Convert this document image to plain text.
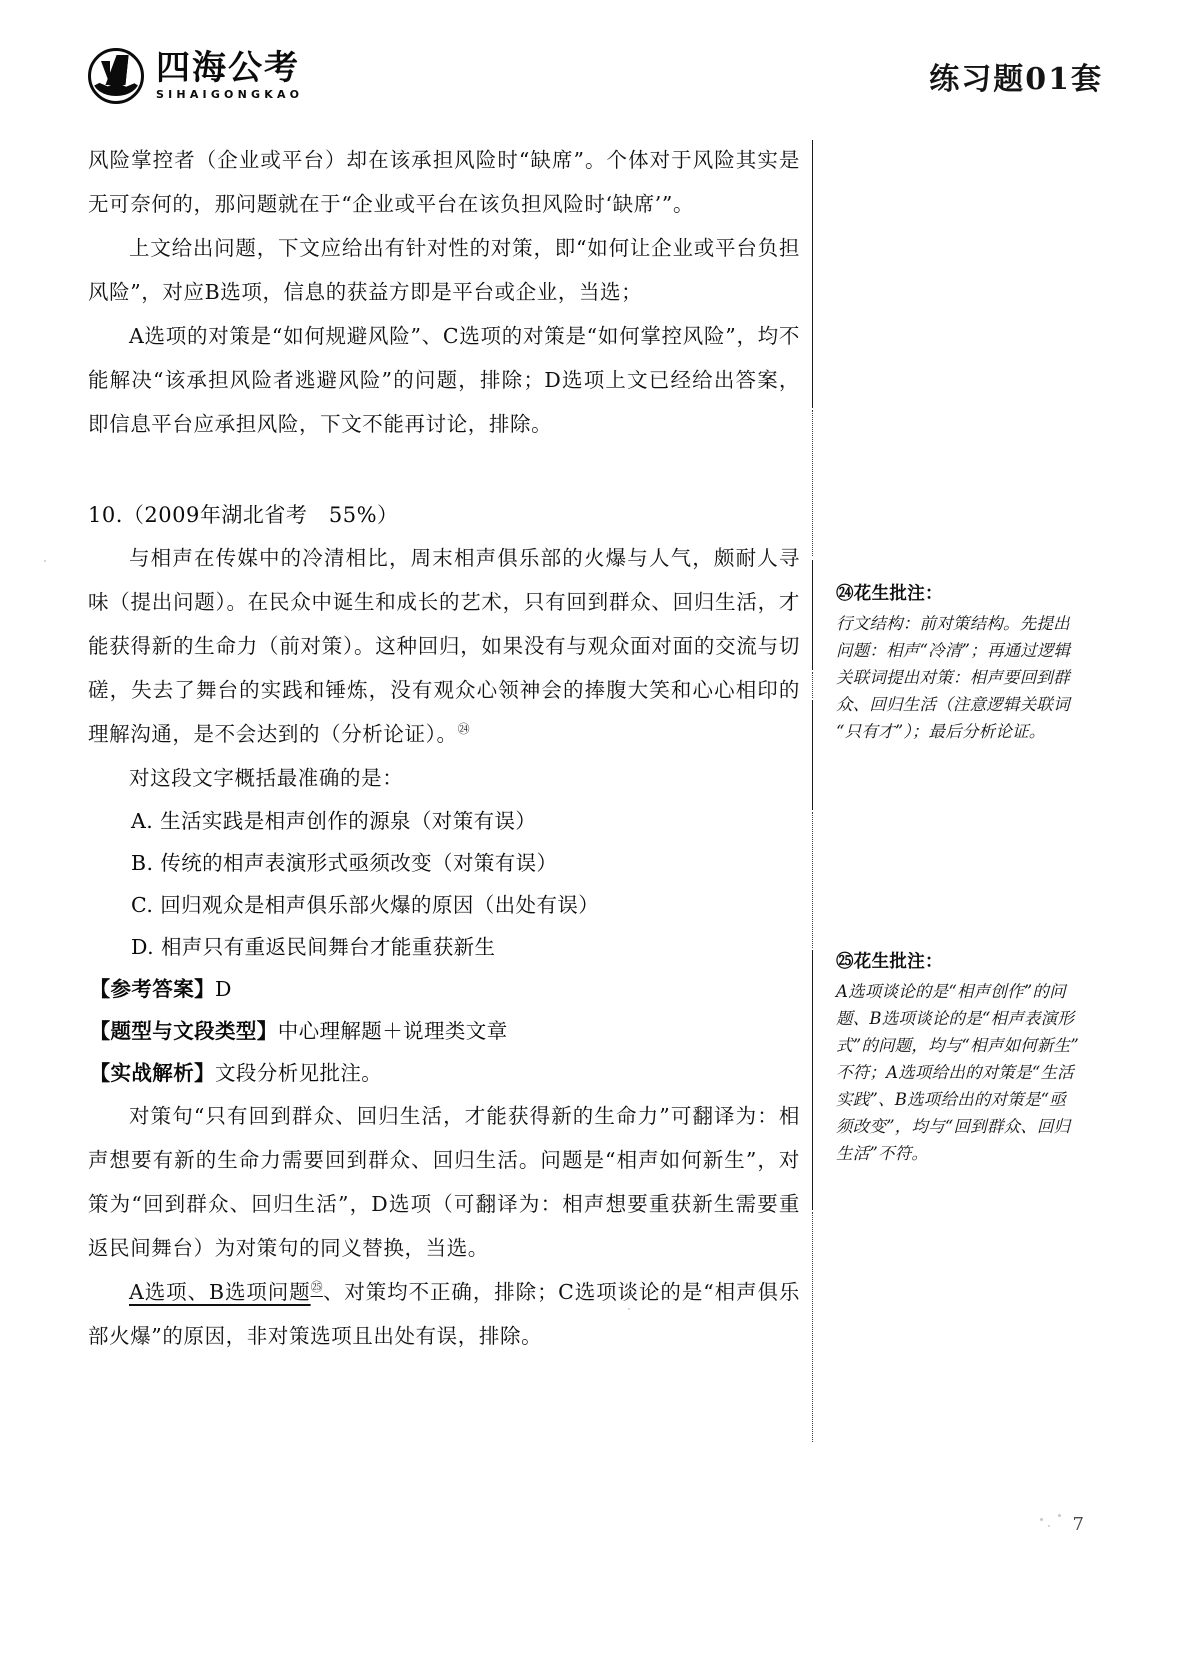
四海公考
SIHAIGONGKAO	练习题01套

风险掌控者（企业或平台）却在该承担风险时“缺席”。个体对于风险其实是无可奈何的，那问题就在于“企业或平台在该负担风险时‘缺席’”。

上文给出问题，下文应给出有针对性的对策，即“如何让企业或平台负担风险”，对应B选项，信息的获益方即是平台或企业，当选；

A选项的对策是“如何规避风险”、C选项的对策是“如何掌控风险”，均不能解决“该承担风险者逃避风险”的问题，排除；D选项上文已经给出答案，即信息平台应承担风险，下文不能再讨论，排除。

10.（2009年湖北省考　55%）

与相声在传媒中的冷清相比，周末相声俱乐部的火爆与人气，颇耐人寻味（提出问题）。在民众中诞生和成长的艺术，只有回到群众、回归生活，才能获得新的生命力（前对策）。这种回归，如果没有与观众面对面的交流与切磋，失去了舞台的实践和锤炼，没有观众心领神会的捧腹大笑和心心相印的理解沟通，是不会达到的（分析论证）。$^㉔$

对这段文字概括最准确的是：

A. 生活实践是相声创作的源泉（对策有误）

B. 传统的相声表演形式亟须改变（对策有误）

C. 回归观众是相声俱乐部火爆的原因（出处有误）

D. 相声只有重返民间舞台才能重获新生

【参考答案】D

【题型与文段类型】中心理解题＋说理类文章

【实战解析】文段分析见批注。

对策句“只有回到群众、回归生活，才能获得新的生命力”可翻译为：相声想要有新的生命力需要回到群众、回归生活。问题是“相声如何新生”，对策为“回到群众、回归生活”，D选项（可翻译为：相声想要重获新生需要重返民间舞台）为对策句的同义替换，当选。

A选项、B选项问题$^㉕$、对策均不正确，排除；C选项谈论的是“相声俱乐部火爆”的原因，非对策选项且出处有误，排除。

㉔花生批注：

行文结构：前对策结构。先提出问题：相声“冷清”；再通过逻辑关联词提出对策：相声要回到群众、回归生活（注意逻辑关联词“只有才”）；最后分析论证。

㉕花生批注：

A选项谈论的是“相声创作”的问题、B选项谈论的是“相声表演形式”的问题，均与“相声如何新生”不符；A选项给出的对策是“生活实践”、B选项给出的对策是“亟须改变”，均与“回到群众、回归生活”不符。

7
